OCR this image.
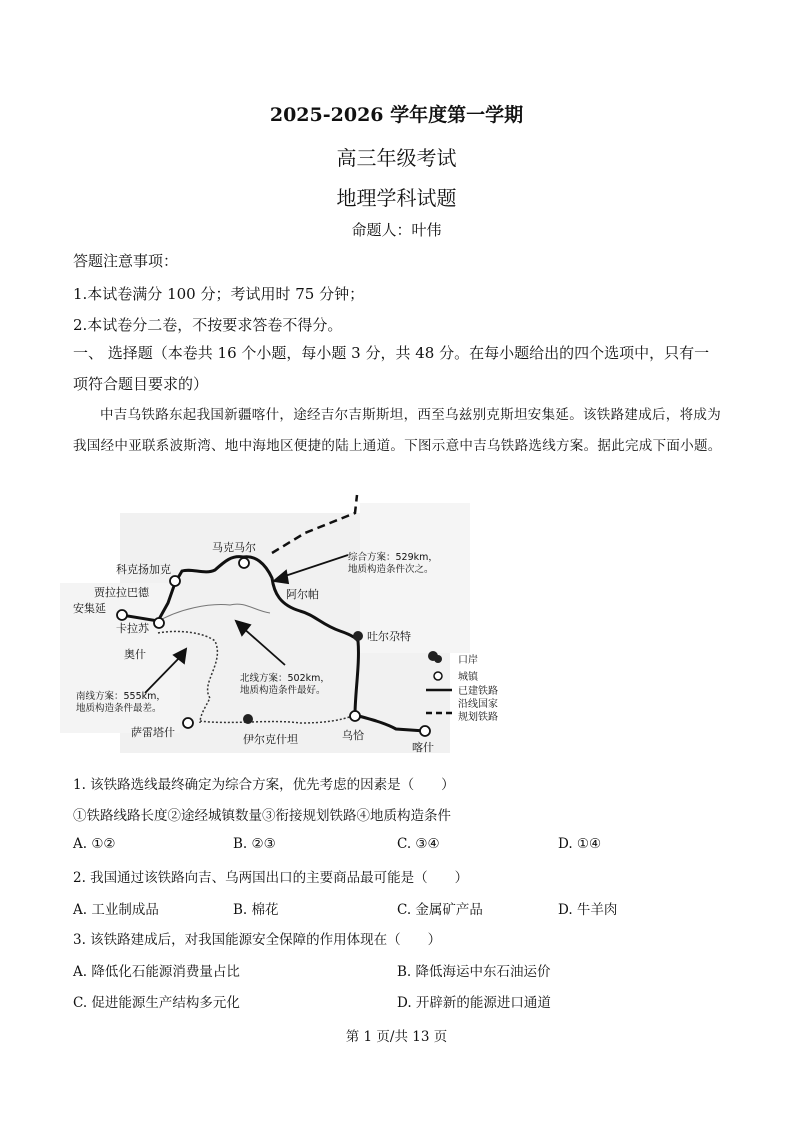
2025-2026 学年度第一学期
高三年级考试
地理学科试题
命题人：叶伟
答题注意事项：
1.本试卷满分 100 分；考试用时 75 分钟；
2.本试卷分二卷，不按要求答卷不得分。
一、 选择题（本卷共 16 个小题，每小题 3 分，共 48 分。在每小题给出的四个选项中，只有一项符合题目要求的）
中吉乌铁路东起我国新疆喀什，途经吉尔吉斯斯坦，西至乌兹别克斯坦安集延。该铁路建成后，将成为我国经中亚联系波斯湾、地中海地区便捷的陆上通道。下图示意中吉乌铁路选线方案。据此完成下面小题。
马克马尔
科克扬加克
贾拉拉巴德
安集延
卡拉苏
奥什
阿尔帕
吐尔尕特
萨雷塔什
伊尔克什坦	乌恰
喀什
综合方案：529km，
地质构造条件次之。
北线方案：502km，
地质构造条件最好。
南线方案：555km，
地质构造条件最差。
口岸
城镇
已建铁路
沿线国家
规划铁路
1. 该铁路选线最终确定为综合方案，优先考虑的因素是（　　）
①铁路线路长度②途经城镇数量③衔接规划铁路④地质构造条件
A. ①②	B. ②③	C. ③④	D. ①④
2. 我国通过该铁路向吉、乌两国出口的主要商品最可能是（　　）
A. 工业制成品	B. 棉花	C. 金属矿产品	D. 牛羊肉
3. 该铁路建成后，对我国能源安全保障的作用体现在（　　）
A. 降低化石能源消费量占比	B. 降低海运中东石油运价
C. 促进能源生产结构多元化	D. 开辟新的能源进口通道
第 1 页/共 13 页
